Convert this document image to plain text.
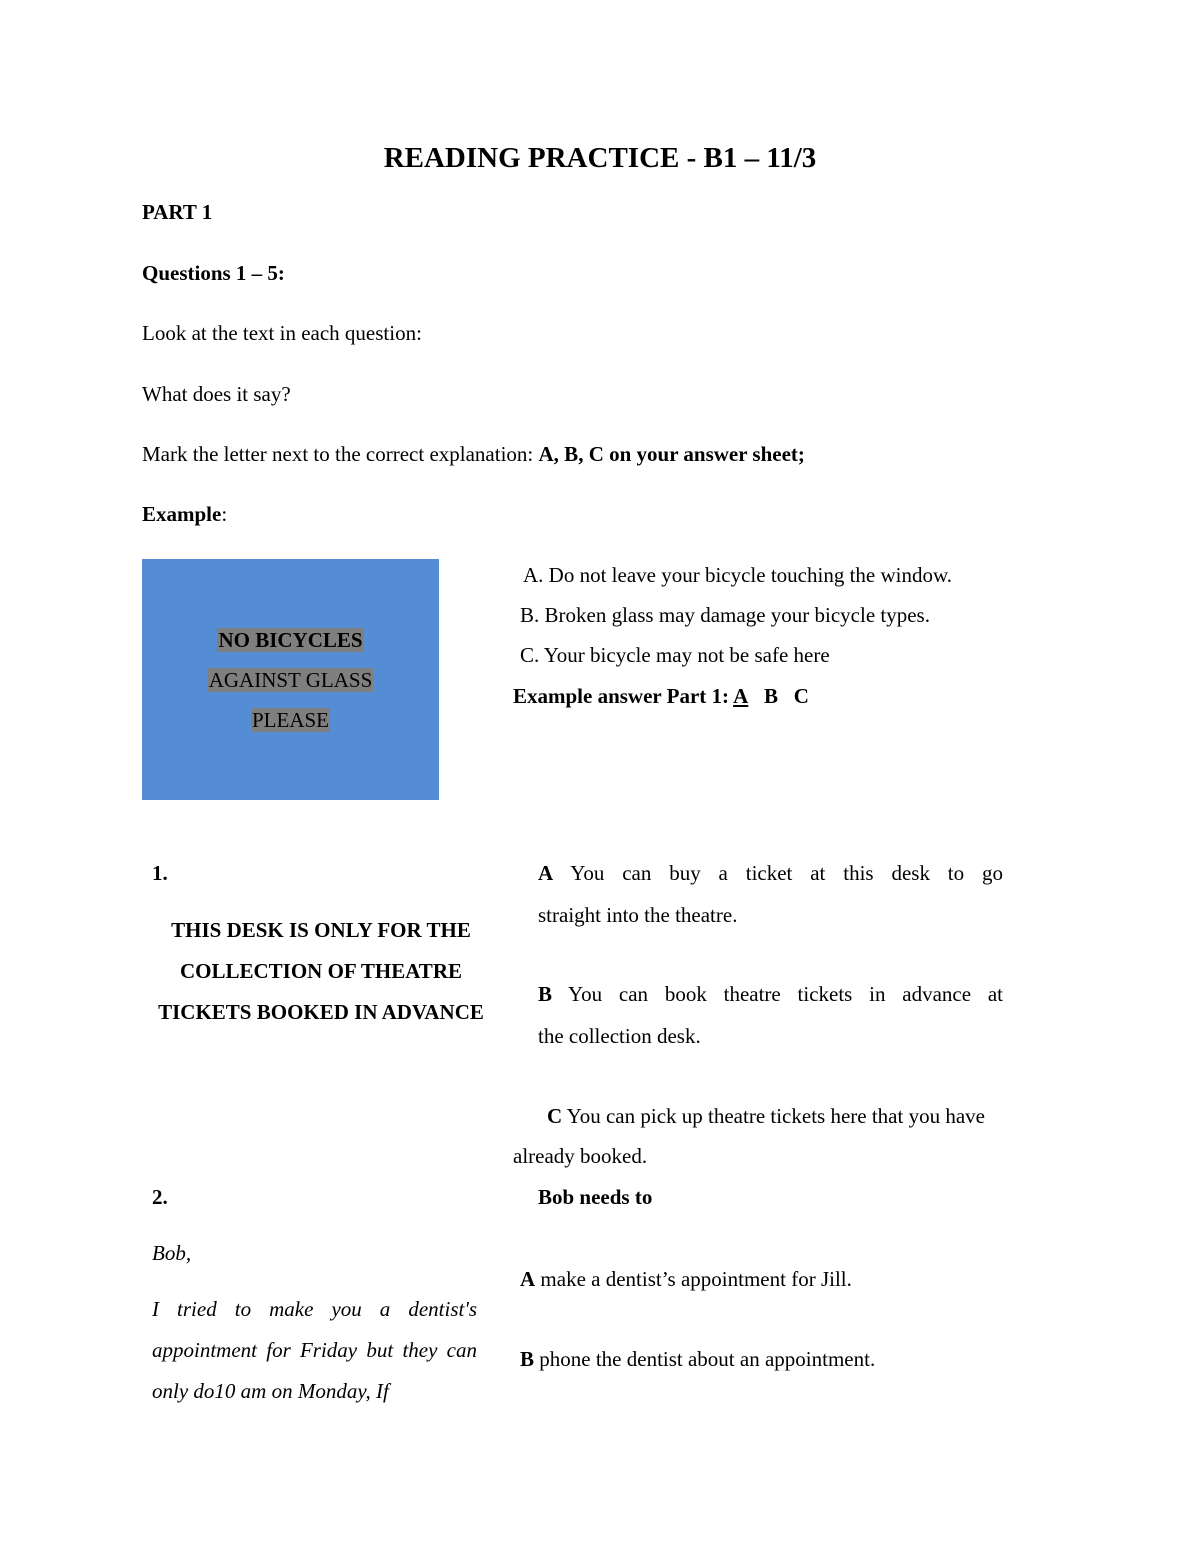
READING PRACTICE - B1 – 11/3
PART 1
Questions 1 – 5:
Look at the text in each question:
What does it say?
Mark the letter next to the correct explanation: A, B, C on your answer sheet;
Example:
NO BICYCLES
AGAINST GLASS
PLEASE
A. Do not leave your bicycle touching the window.
B. Broken glass may damage your bicycle types.
C. Your bicycle may not be safe here
Example answer Part 1: A B C
1.
THIS DESK IS ONLY FOR THE COLLECTION OF THEATRE TICKETS BOOKED IN ADVANCE
A You can buy a ticket at this desk to go
straight into the theatre.
B You can book theatre tickets in advance at
the collection desk.
C You can pick up theatre tickets here that you have
already booked.
2.	Bob needs to
Bob,
I tried to make you a dentist's appointment for Friday but they can only do10 am on Monday, If
A make a dentist’s appointment for Jill.
B phone the dentist about an appointment.
